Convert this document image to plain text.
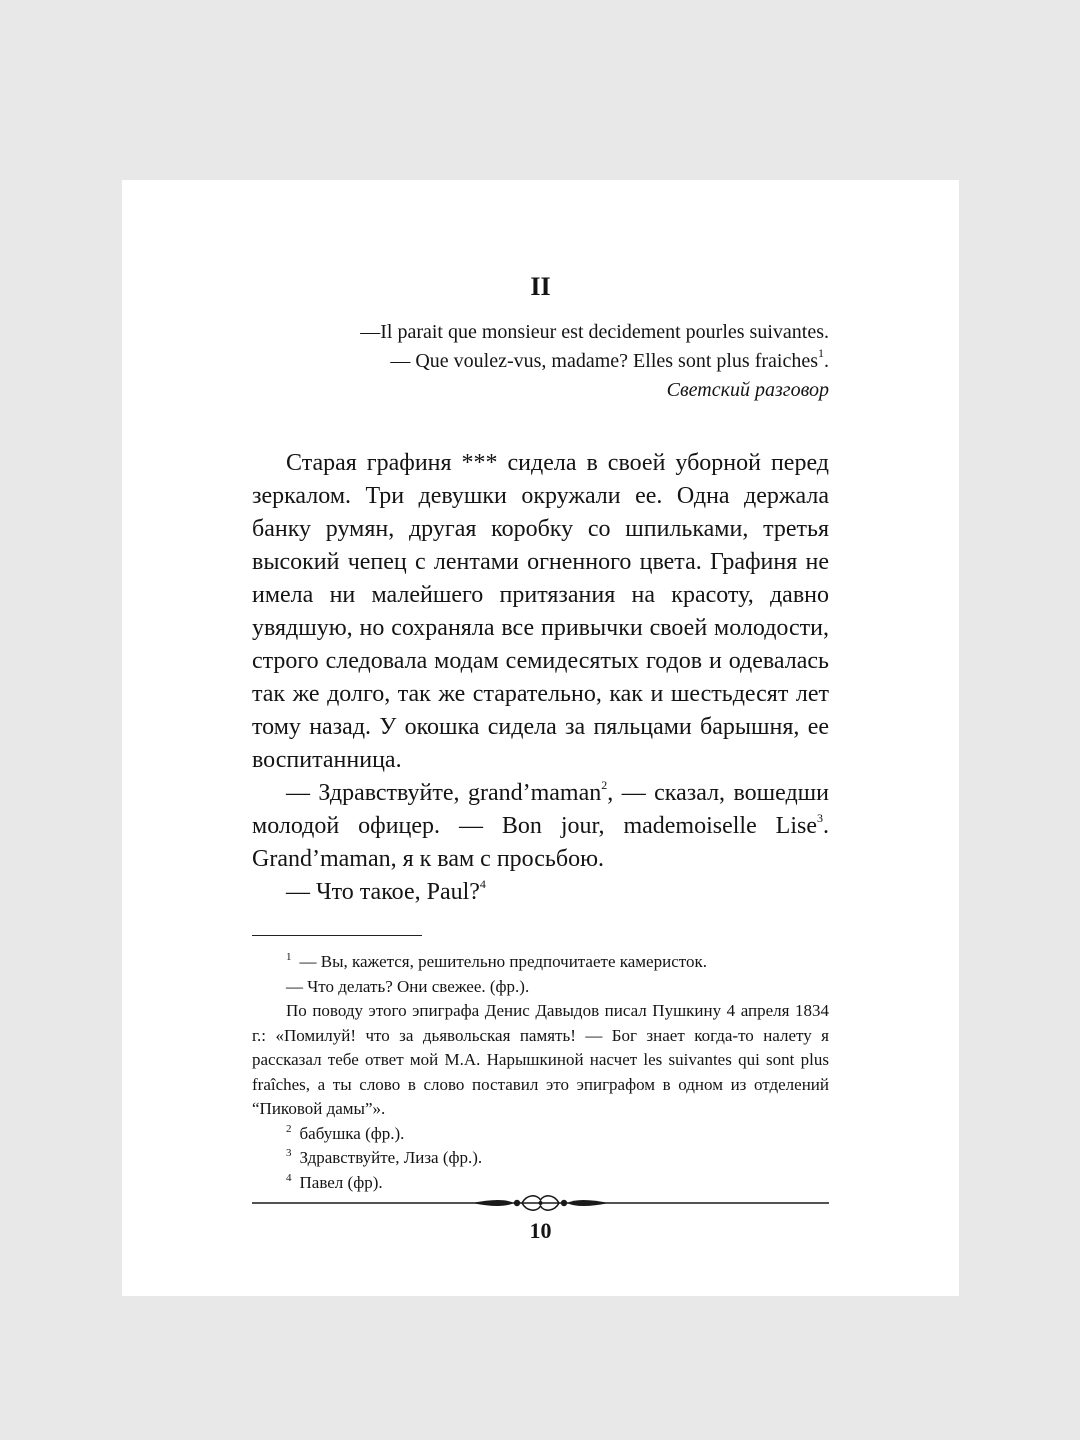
II
—Il parait que monsieur est decidement pourles suivantes.
— Que voulez-vus, madame? Elles sont plus fraiches$^1$.
Светский разговор

Старая графиня *** сидела в своей уборной перед зеркалом. Три девушки окружали ее. Одна держала банку румян, другая коробку со шпильками, третья высокий чепец с лентами огненного цвета. Графиня не имела ни малейшего притязания на красоту, давно увядшую, но сохраняла все привычки своей молодости, строго следовала модам семидесятых годов и одевалась так же долго, так же старательно, как и шестьдесят лет тому назад. У окошка сидела за пяльцами барышня, ее воспитанница.

— Здравствуйте, grand’maman$^2$, — сказал, вошедши молодой офицер. — Bon jour, mademoiselle Lise$^3$. Grand’maman, я к вам с просьбою.

— Что такое, Paul?$^4$

$^1$ — Вы, кажется, решительно предпочитаете камеристок.

— Что делать? Они свежее. (фр.).

По поводу этого эпиграфа Денис Давыдов писал Пушкину 4 апреля 1834 г.: «Помилуй! что за дьявольская память! — Бог знает когда-то налету я рассказал тебе ответ мой М.А. Нарышкиной насчет les suivantes qui sont plus fraîches, а ты слово в слово поставил это эпиграфом в одном из отделений “Пиковой дамы”».

$^2$ бабушка (фр.).

$^3$ Здравствуйте, Лиза (фр.).

$^4$ Павел (фр).

10
